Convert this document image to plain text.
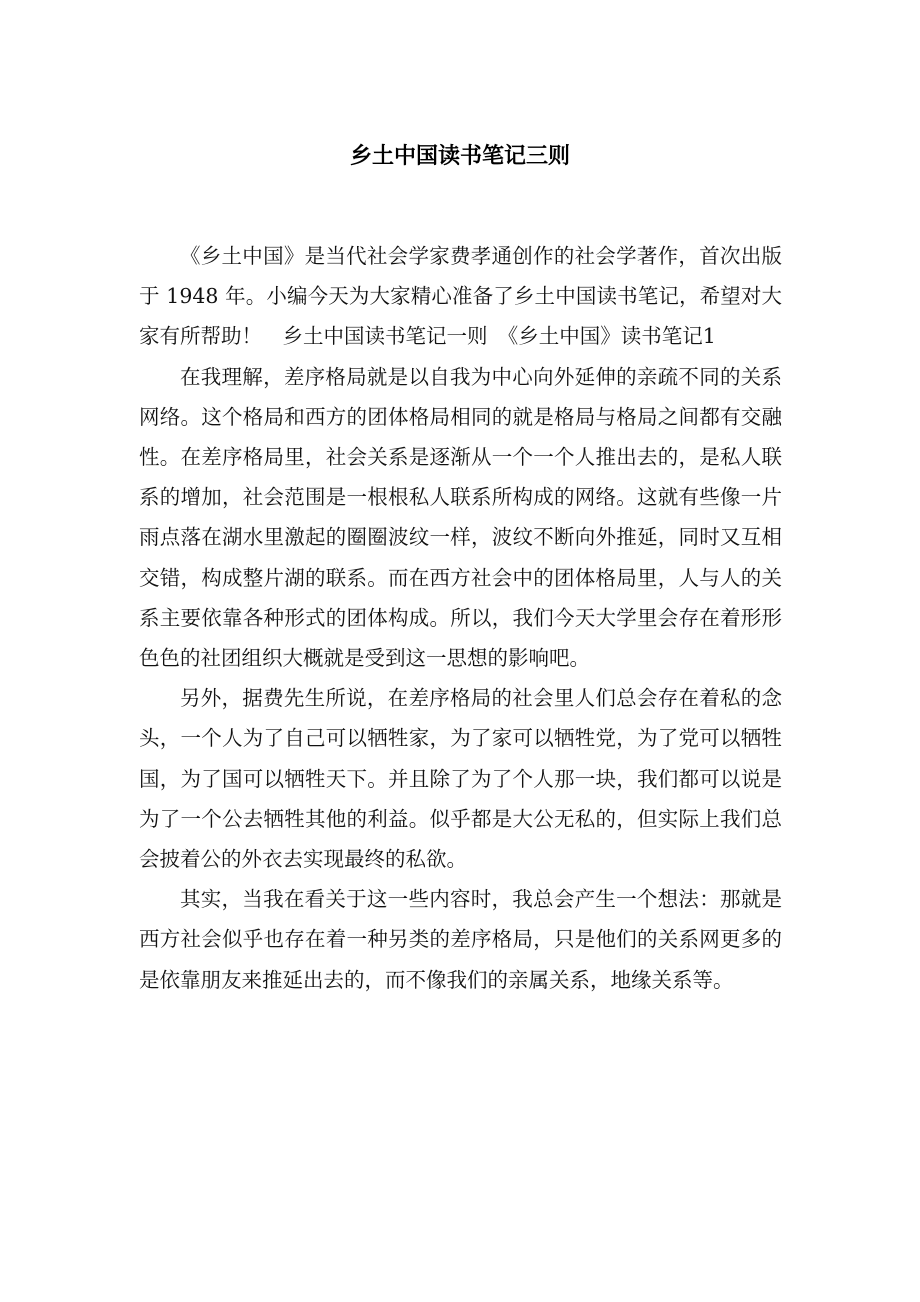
乡土中国读书笔记三则

《乡土中国》是当代社会学家费孝通创作的社会学著作，首次出版于 1948 年。小编今天为大家精心准备了乡土中国读书笔记，希望对大家有所帮助！　乡土中国读书笔记一则　《乡土中国》读书笔记1

在我理解，差序格局就是以自我为中心向外延伸的亲疏不同的关系网络。这个格局和西方的团体格局相同的就是格局与格局之间都有交融性。在差序格局里，社会关系是逐渐从一个一个人推出去的，是私人联系的增加，社会范围是一根根私人联系所构成的网络。这就有些像一片雨点落在湖水里激起的圈圈波纹一样，波纹不断向外推延，同时又互相交错，构成整片湖的联系。而在西方社会中的团体格局里，人与人的关系主要依靠各种形式的团体构成。所以，我们今天大学里会存在着形形色色的社团组织大概就是受到这一思想的影响吧。

另外，据费先生所说，在差序格局的社会里人们总会存在着私的念头，一个人为了自己可以牺牲家，为了家可以牺牲党，为了党可以牺牲国，为了国可以牺牲天下。并且除了为了个人那一块，我们都可以说是为了一个公去牺牲其他的利益。似乎都是大公无私的，但实际上我们总会披着公的外衣去实现最终的私欲。

其实，当我在看关于这一些内容时，我总会产生一个想法：那就是西方社会似乎也存在着一种另类的差序格局，只是他们的关系网更多的是依靠朋友来推延出去的，而不像我们的亲属关系，地缘关系等。
